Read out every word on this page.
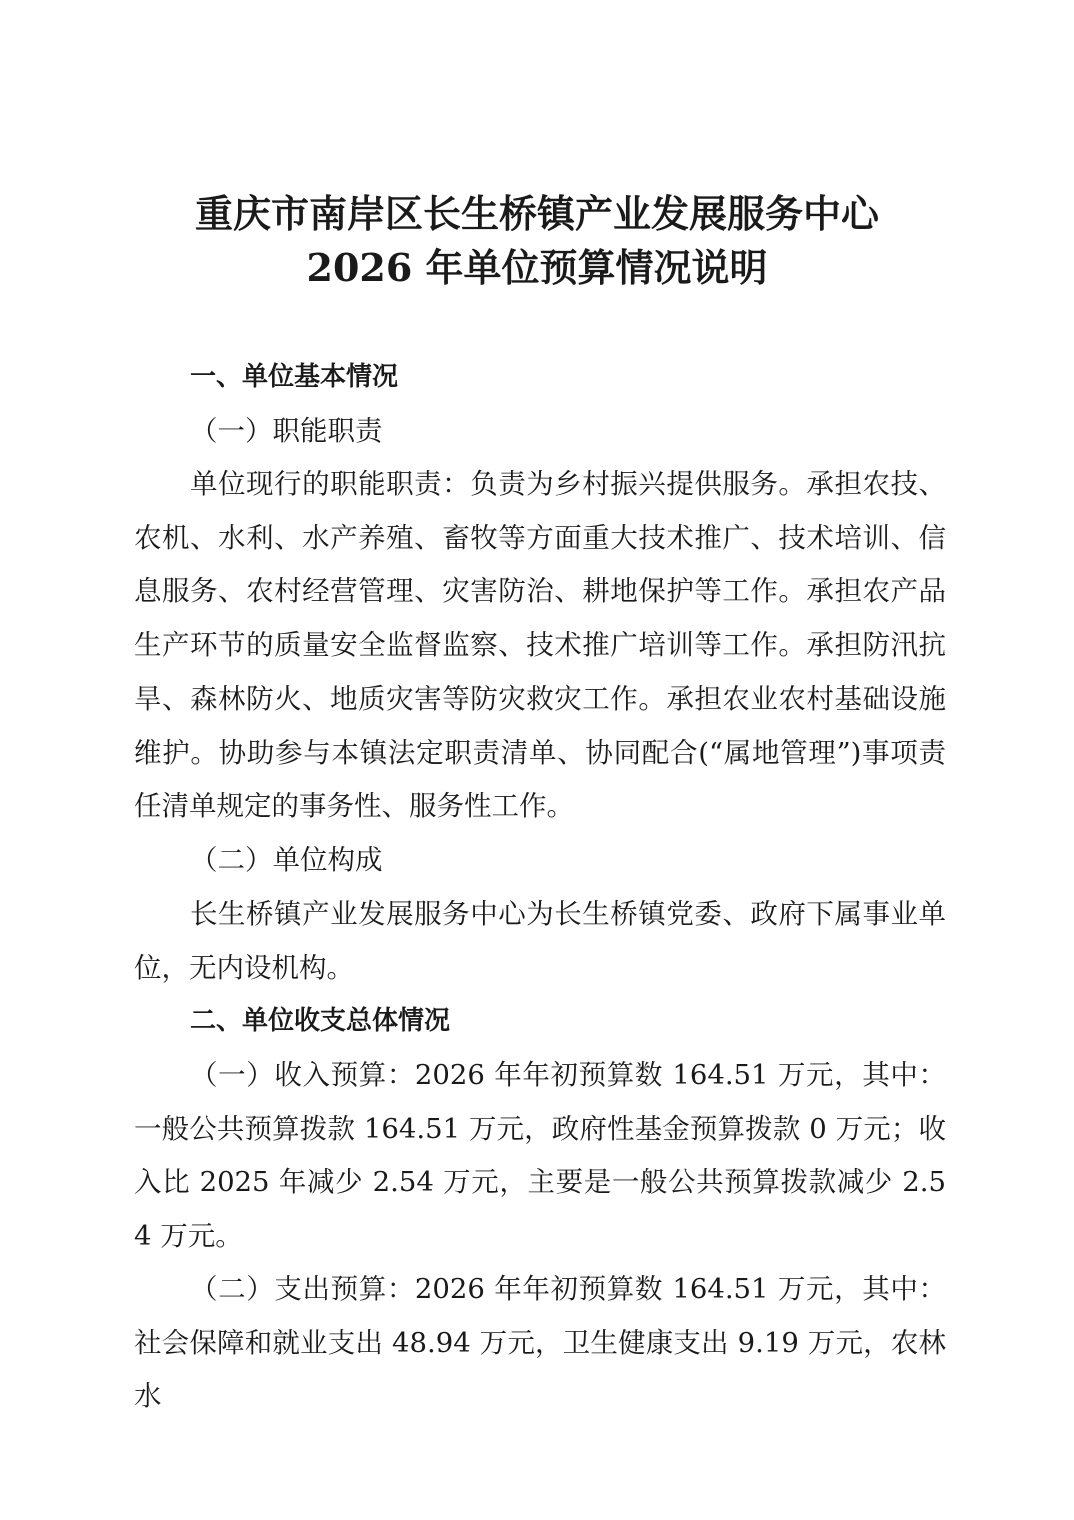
重庆市南岸区长生桥镇产业发展服务中心
2026 年单位预算情况说明

一、单位基本情况

（一）职能职责

单位现行的职能职责：负责为乡村振兴提供服务。承担农技、农机、水利、水产养殖、畜牧等方面重大技术推广、技术培训、信息服务、农村经营管理、灾害防治、耕地保护等工作。承担农产品生产环节的质量安全监督监察、技术推广培训等工作。承担防汛抗旱、森林防火、地质灾害等防灾救灾工作。承担农业农村基础设施维护。协助参与本镇法定职责清单、协同配合(“属地管理”)事项责任清单规定的事务性、服务性工作。

（二）单位构成

长生桥镇产业发展服务中心为长生桥镇党委、政府下属事业单位，无内设机构。

二、单位收支总体情况

（一）收入预算：2026 年年初预算数 164.51 万元，其中：一般公共预算拨款 164.51 万元，政府性基金预算拨款 0 万元；收入比 2025 年减少 2.54 万元，主要是一般公共预算拨款减少 2.54 万元。

（二）支出预算：2026 年年初预算数 164.51 万元，其中：社会保障和就业支出 48.94 万元，卫生健康支出 9.19 万元，农林水
